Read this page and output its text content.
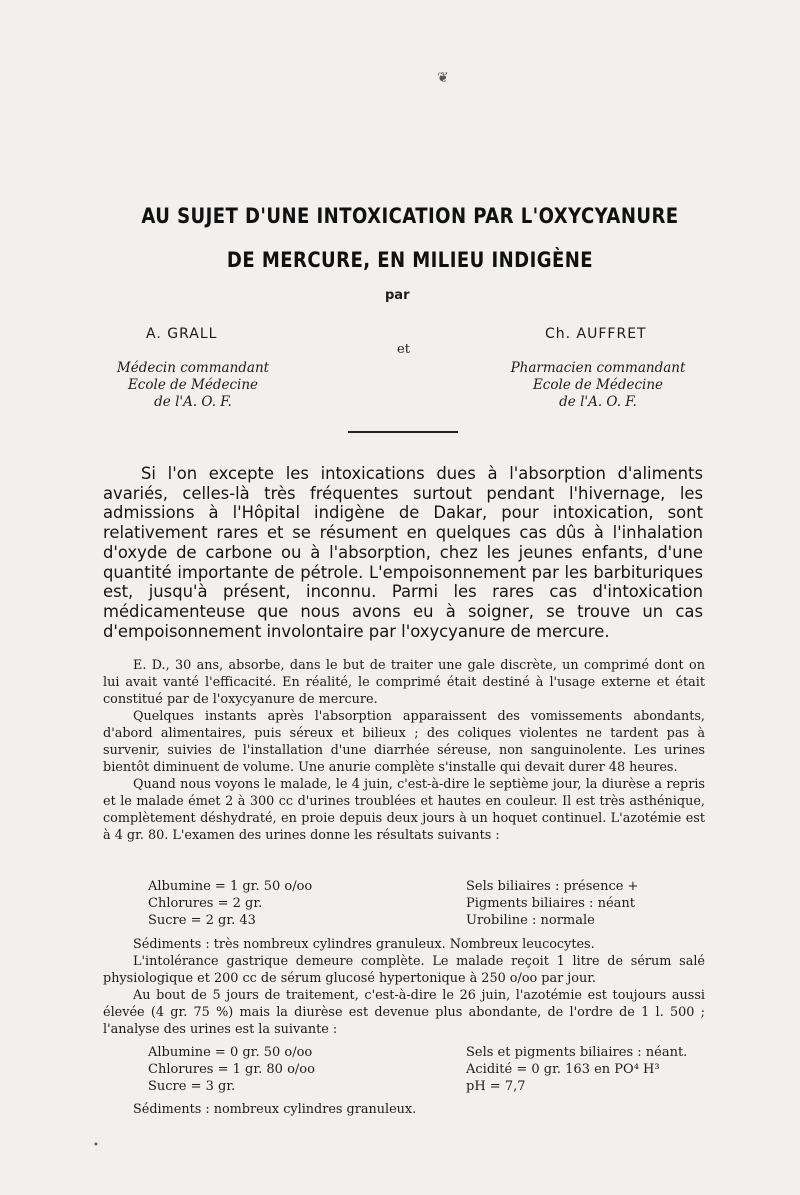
❦
AU SUJET D'UNE INTOXICATION PAR L'OXYCYANURE
DE MERCURE, EN MILIEU INDIGÈNE
par
A. GRALL
et
Ch. AUFFRET
Médecin commandant
Ecole de Médecine
de l'A. O. F.
Pharmacien commandant
Ecole de Médecine
de l'A. O. F.
Si l'on excepte les intoxications dues à l'absorption d'aliments avariés, celles-là très fréquentes surtout pendant l'hivernage, les admissions à l'Hôpital indigène de Dakar, pour intoxication, sont relativement rares et se résument en quelques cas dûs à l'inhalation d'oxyde de carbone ou à l'absorption, chez les jeunes enfants, d'une quantité importante de pétrole. L'empoisonnement par les barbituriques est, jusqu'à présent, inconnu. Parmi les rares cas d'intoxication médicamenteuse que nous avons eu à soigner, se trouve un cas d'empoisonnement involontaire par l'oxycyanure de mercure.

E. D., 30 ans, absorbe, dans le but de traiter une gale discrète, un comprimé dont on lui avait vanté l'efficacité. En réalité, le comprimé était destiné à l'usage externe et était constitué par de l'oxycyanure de mercure.

Quelques instants après l'absorption apparaissent des vomissements abondants, d'abord alimentaires, puis séreux et bilieux ; des coliques violentes ne tardent pas à survenir, suivies de l'installation d'une diarrhée séreuse, non sanguinolente. Les urines bientôt diminuent de volume. Une anurie complète s'installe qui devait durer 48 heures.

Quand nous voyons le malade, le 4 juin, c'est-à-dire le septième jour, la diurèse a repris et le malade émet 2 à 300 cc d'urines troublées et hautes en couleur. Il est très asthénique, complètement déshydraté, en proie depuis deux jours à un hoquet continuel. L'azotémie est à 4 gr. 80. L'examen des urines donne les résultats suivants :

Albumine = 1 gr. 50 o/oo
Chlorures = 2 gr.
Sucre = 2 gr. 43
Sels biliaires : présence +
Pigments biliaires : néant
Urobiline : normale

Sédiments : très nombreux cylindres granuleux. Nombreux leucocytes.

L'intolérance gastrique demeure complète. Le malade reçoit 1 litre de sérum salé physiologique et 200 cc de sérum glucosé hypertonique à 250 o/oo par jour.

Au bout de 5 jours de traitement, c'est-à-dire le 26 juin, l'azotémie est toujours aussi élevée (4 gr. 75 %) mais la diurèse est devenue plus abondante, de l'ordre de 1 l. 500 ; l'analyse des urines est la suivante :

Albumine = 0 gr. 50 o/oo
Chlorures = 1 gr. 80 o/oo
Sucre = 3 gr.
Sels et pigments biliaires : néant.
Acidité = 0 gr. 163 en PO⁴ H³
pH = 7,7

Sédiments : nombreux cylindres granuleux.

•
